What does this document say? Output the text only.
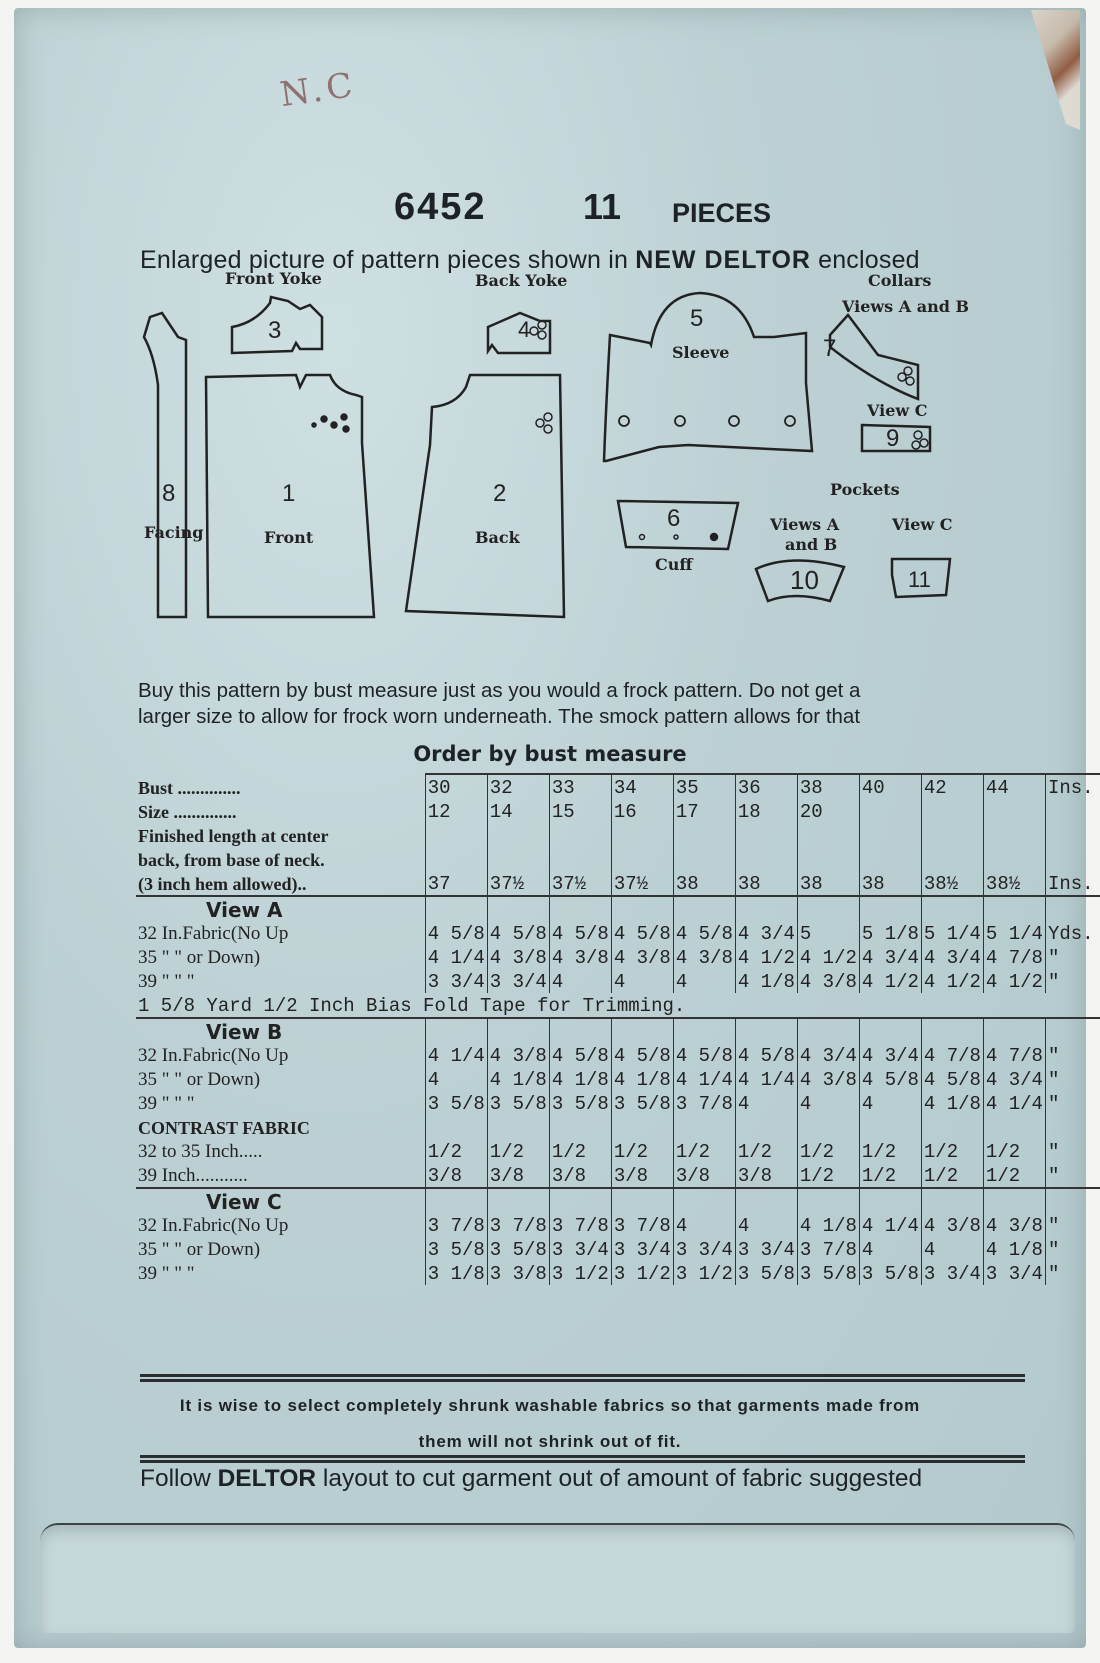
N.C
6452	11 PIECES
Enlarged picture of pattern pieces shown in NEW DELTOR enclosed
Front Yoke	Back Yoke	Collars
Views A and B
View C
Sleeve
Cuff
Facing	Front	Back
Pockets
Views A
and B
View C
8	1	2
3	4	5
6
7
9
10	11
Buy this pattern by bust measure just as you would a frock pattern. Do not get a
larger size to allow for frock worn underneath. The smock pattern allows for that
Order by bust measure
Bust ..............	30	32	33	34	35	36	38	40	42	44	Ins.
Size ..............	12	14	15	16	17	18	20				
Finished length at center											
back, from base of neck.											
(3 inch hem allowed)..	37	37½	37½	37½	38	38	38	38	38½	38½	Ins.
View A											
32 In.Fabric(No Up	4 5/8	4 5/8	4 5/8	4 5/8	4 5/8	4 3/4	5	5 1/8	5 1/4	5 1/4	Yds.
35 " " or Down)	4 1/4	4 3/8	4 3/8	4 3/8	4 3/8	4 1/2	4 1/2	4 3/4	4 3/4	4 7/8	"
39 " " "	3 3/4	3 3/4	4	4	4	4 1/8	4 3/8	4 1/2	4 1/2	4 1/2	"
1 5/8 Yard 1/2 Inch Bias Fold Tape for Trimming.											
View B											
32 In.Fabric(No Up	4 1/4	4 3/8	4 5/8	4 5/8	4 5/8	4 5/8	4 3/4	4 3/4	4 7/8	4 7/8	"
35 " " or Down)	4	4 1/8	4 1/8	4 1/8	4 1/4	4 1/4	4 3/8	4 5/8	4 5/8	4 3/4	"
39 " " "	3 5/8	3 5/8	3 5/8	3 5/8	3 7/8	4	4	4	4 1/8	4 1/4	"
CONTRAST FABRIC											
32 to 35 Inch.....	1/2	1/2	1/2	1/2	1/2	1/2	1/2	1/2	1/2	1/2	"
39 Inch...........	3/8	3/8	3/8	3/8	3/8	3/8	1/2	1/2	1/2	1/2	"
View C											
32 In.Fabric(No Up	3 7/8	3 7/8	3 7/8	3 7/8	4	4	4 1/8	4 1/4	4 3/8	4 3/8	"
35 " " or Down)	3 5/8	3 5/8	3 3/4	3 3/4	3 3/4	3 3/4	3 7/8	4	4	4 1/8	"
39 " " "	3 1/8	3 3/8	3 1/2	3 1/2	3 1/2	3 5/8	3 5/8	3 5/8	3 3/4	3 3/4	"
It is wise to select completely shrunk washable fabrics so that garments made from
them will not shrink out of fit.
Follow DELTOR layout to cut garment out of amount of fabric suggested
